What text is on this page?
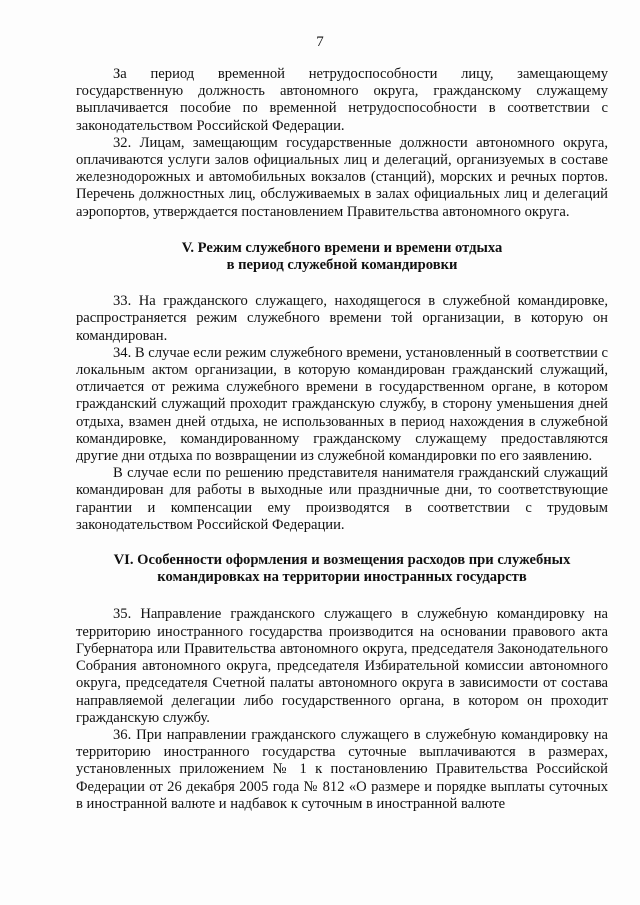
7

За период временной нетрудоспособности лицу, замещающему государственную должность автономного округа, гражданскому служащему выплачивается пособие по временной нетрудоспособности в соответствии с законодательством Российской Федерации.

32. Лицам, замещающим государственные должности автономного округа, оплачиваются услуги залов официальных лиц и делегаций, организуемых в составе железнодорожных и автомобильных вокзалов (станций), морских и речных портов. Перечень должностных лиц, обслуживаемых в залах официальных лиц и делегаций аэропортов, утверждается постановлением Правительства автономного округа.

V. Режим служебного времени и времени отдыха

в период служебной командировки

33. На гражданского служащего, находящегося в служебной командировке, распространяется режим служебного времени той организации, в которую он командирован.

34. В случае если режим служебного времени, установленный в соответствии с локальным актом организации, в которую командирован гражданский служащий, отличается от режима служебного времени в государственном органе, в котором гражданский служащий проходит гражданскую службу, в сторону уменьшения дней отдыха, взамен дней отдыха, не использованных в период нахождения в служебной командировке, командированному гражданскому служащему предоставляются другие дни отдыха по возвращении из служебной командировки по его заявлению.

В случае если по решению представителя нанимателя гражданский служащий командирован для работы в выходные или праздничные дни, то соответствующие гарантии и компенсации ему производятся в соответствии с трудовым законодательством Российской Федерации.

VI. Особенности оформления и возмещения расходов при служебных

командировках на территории иностранных государств

35. Направление гражданского служащего в служебную командировку на территорию иностранного государства производится на основании правового акта Губернатора или Правительства автономного округа, председателя Законодательного Собрания автономного округа, председателя Избирательной комиссии автономного округа, председателя Счетной палаты автономного округа в зависимости от состава направляемой делегации либо государственного органа, в котором он проходит гражданскую службу.

36. При направлении гражданского служащего в служебную командировку на территорию иностранного государства суточные выплачиваются в размерах, установленных приложением № 1 к постановлению Правительства Российской Федерации от 26 декабря 2005 года № 812 «О размере и порядке выплаты суточных в иностранной валюте и надбавок к суточным в иностранной валюте
